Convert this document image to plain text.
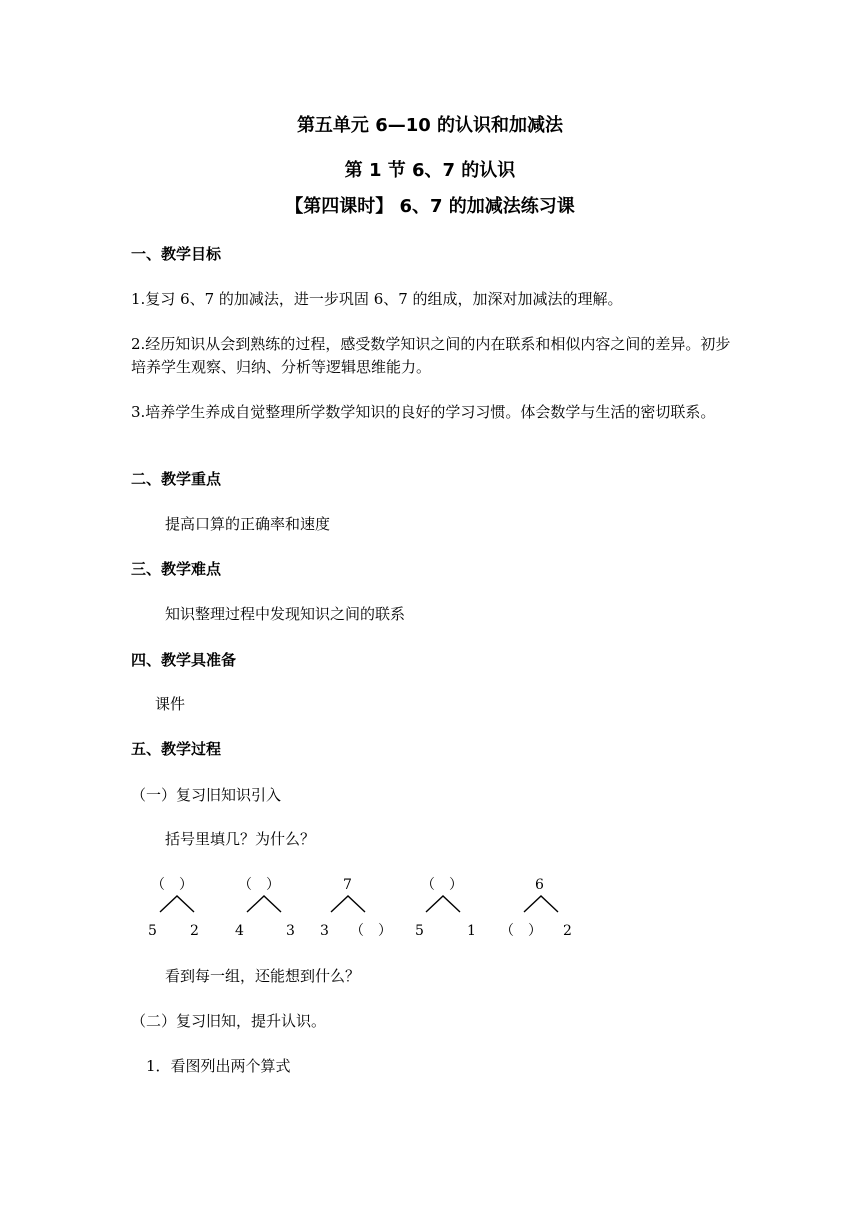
第五单元 6—10 的认识和加减法
第 1 节 6、7 的认识
【第四课时】 6、7 的加减法练习课
一、教学目标
1.复习 6、7 的加减法，进一步巩固 6、7 的组成，加深对加减法的理解。
2.经历知识从会到熟练的过程，感受数学知识之间的内在联系和相似内容之间的差异。初步培养学生观察、归纳、分析等逻辑思维能力。
3.培养学生养成自觉整理所学数学知识的良好的学习习惯。体会数学与生活的密切联系。
二、教学重点
提高口算的正确率和速度
三、教学难点
知识整理过程中发现知识之间的联系
四、教学具准备
课件
五、教学过程
（一）复习旧知识引入
括号里填几？为什么？
（　）
5 2
（　）
4	3
7
3 （　）
（　）
5	1
6
（　） 2
看到每一组，还能想到什么？
（二）复习旧知，提升认识。
1．看图列出两个算式
